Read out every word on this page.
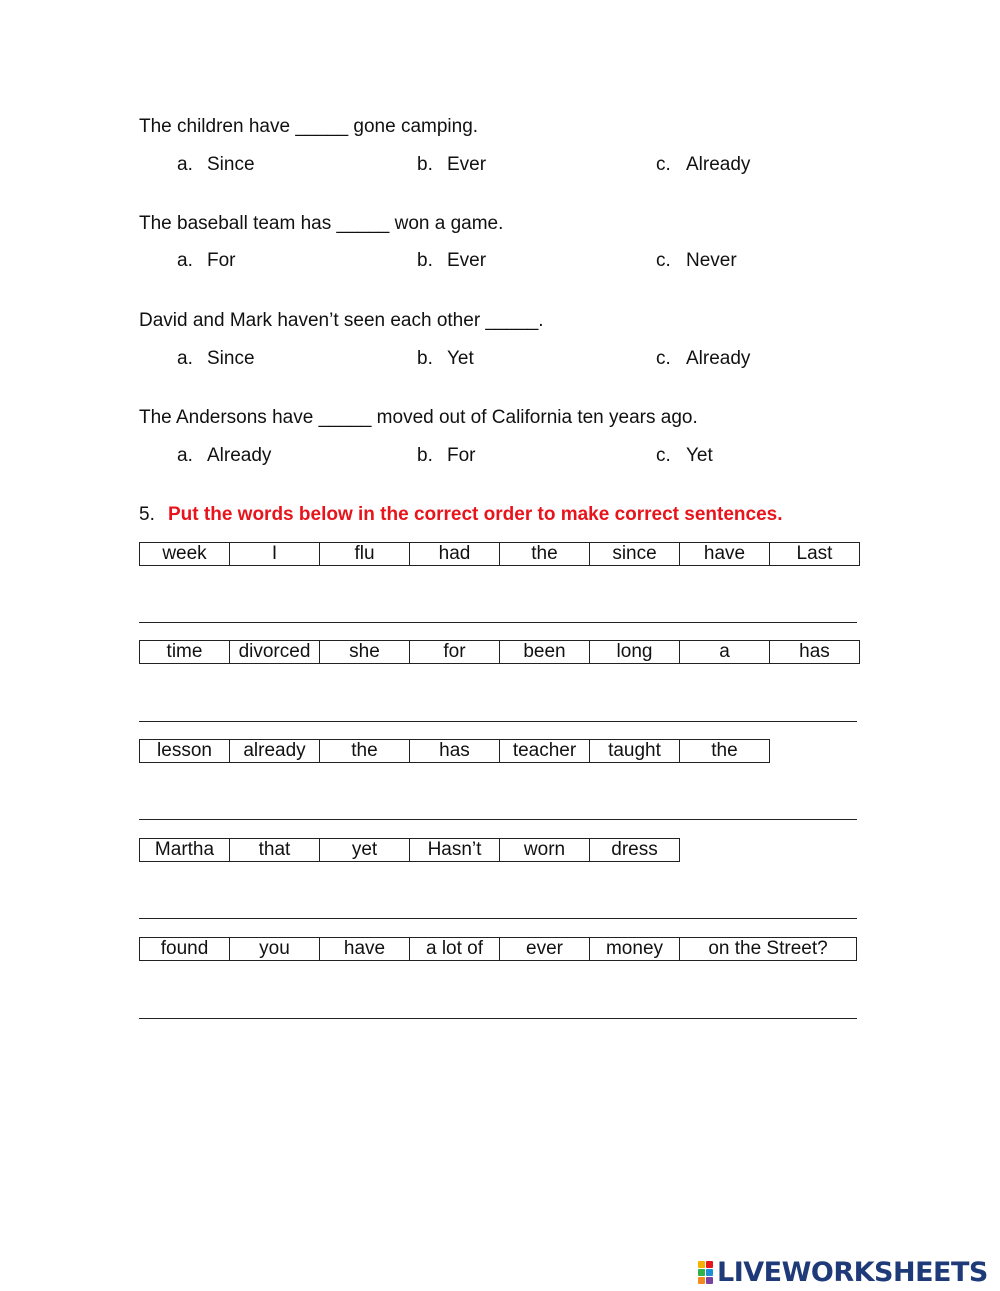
The children have _____ gone camping.
a. Since	b. Ever	c. Already
The baseball team has _____ won a game.
a. For	b. Ever	c. Never
David and Mark haven’t seen each other _____.
a. Since	b. Yet	c. Already
The Andersons have _____ moved out of California ten years ago.
a. Already	b. For	c. Yet
5. Put the words below in the correct order to make correct sentences.
week	I	flu	had	the	since	have	Last
time	divorced	she	for	been	long	a	has
lesson	already	the	has	teacher	taught	the
Martha	that	yet	Hasn’t	worn	dress
found	you	have	a lot of	ever	money	on the Street?
LIVEWORKSHEETS
